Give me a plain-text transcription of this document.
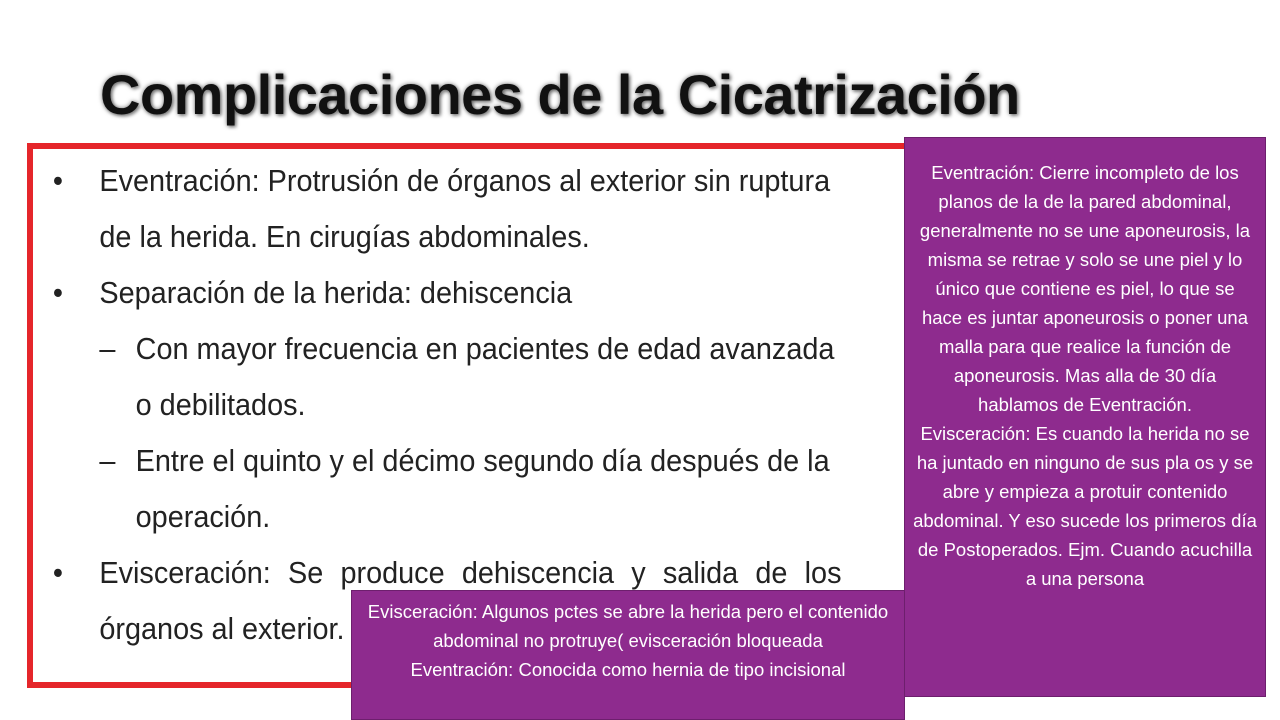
Complicaciones de la Cicatrización

• Eventración: Protrusión de órganos al exterior sin ruptura de la herida. En cirugías abdominales.

• Separación de la herida: dehiscencia

– Con mayor frecuencia en pacientes de edad avanzada o debilitados.

– Entre el quinto y el décimo segundo día después de la operación.

• Evisceración: Se produce dehiscencia y salida de los órganos al exterior.

Eventración: Cierre incompleto de los planos de la de la pared abdominal, generalmente no se une aponeurosis, la misma se retrae y solo se une piel y lo único que contiene es piel, lo que se hace es juntar aponeurosis o poner una malla para que realice la función de aponeurosis. Mas alla de 30 día hablamos de Eventración.

Evisceración: Es cuando la herida no se ha juntado en ninguno de sus pla os y se abre y empieza a protuir contenido abdominal. Y eso sucede los primeros día de Postoperados. Ejm. Cuando acuchilla a una persona

Evisceración: Algunos pctes se abre la herida pero el contenido abdominal no protruye( evisceración bloqueada

Eventración: Conocida como hernia de tipo incisional
